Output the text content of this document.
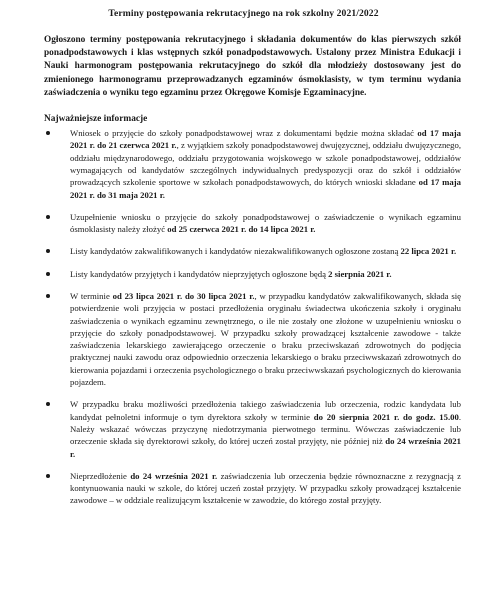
Terminy postępowania rekrutacyjnego na rok szkolny 2021/2022
Ogłoszono terminy postępowania rekrutacyjnego i składania dokumentów do klas pierwszych szkół ponadpodstawowych i klas wstępnych szkół ponadpodstawowych. Ustalony przez Ministra Edukacji i Nauki harmonogram postępowania rekrutacyjnego do szkół dla młodzieży dostosowany jest do zmienionego harmonogramu przeprowadzanych egzaminów ósmoklasisty, w tym terminu wydania zaświadczenia o wyniku tego egzaminu przez Okręgowe Komisje Egzaminacyjne.
Najważniejsze informacje
Wniosek o przyjęcie do szkoły ponadpodstawowej wraz z dokumentami będzie można składać od 17 maja 2021 r. do 21 czerwca 2021 r., z wyjątkiem szkoły ponadpodstawowej dwujęzycznej, oddziału dwujęzycznego, oddziału międzynarodowego, oddziału przygotowania wojskowego w szkole ponadpodstawowej, oddziałów wymagających od kandydatów szczególnych indywidualnych predyspozycji oraz do szkół i oddziałów prowadzących szkolenie sportowe w szkołach ponadpodstawowych, do których wnioski składane od 17 maja 2021 r. do 31 maja 2021 r.
Uzupełnienie wniosku o przyjęcie do szkoły ponadpodstawowej o zaświadczenie o wynikach egzaminu ósmoklasisty należy złożyć od 25 czerwca 2021 r. do 14 lipca 2021 r.
Listy kandydatów zakwalifikowanych i kandydatów niezakwalifikowanych ogłoszone zostaną 22 lipca 2021 r.
Listy kandydatów przyjętych i kandydatów nieprzyjętych ogłoszone będą 2 sierpnia 2021 r.
W terminie od 23 lipca 2021 r. do 30 lipca 2021 r., w przypadku kandydatów zakwalifikowanych, składa się potwierdzenie woli przyjęcia w postaci przedłożenia oryginału świadectwa ukończenia szkoły i oryginału zaświadczenia o wynikach egzaminu zewnętrznego, o ile nie zostały one złożone w uzupełnieniu wniosku o przyjęcie do szkoły ponadpodstawowej. W przypadku szkoły prowadzącej kształcenie zawodowe - także zaświadczenia lekarskiego zawierającego orzeczenie o braku przeciwskazań zdrowotnych do podjęcia praktycznej nauki zawodu oraz odpowiednio orzeczenia lekarskiego o braku przeciwwskazań zdrowotnych do kierowania pojazdami i orzeczenia psychologicznego o braku przeciwwskazań psychologicznych do kierowania pojazdem.
W przypadku braku możliwości przedłożenia takiego zaświadczenia lub orzeczenia, rodzic kandydata lub kandydat pełnoletni informuje o tym dyrektora szkoły w terminie do 20 sierpnia 2021 r. do godz. 15.00. Należy wskazać wówczas przyczynę niedotrzymania pierwotnego terminu. Wówczas zaświadczenie lub orzeczenie składa się dyrektorowi szkoły, do której uczeń został przyjęty, nie później niż do 24 września 2021 r.
Nieprzedłożenie do 24 września 2021 r. zaświadczenia lub orzeczenia będzie równoznaczne z rezygnacją z kontynuowania nauki w szkole, do której uczeń został przyjęty. W przypadku szkoły prowadzącej kształcenie zawodowe – w oddziale realizującym kształcenie w zawodzie, do którego został przyjęty.
